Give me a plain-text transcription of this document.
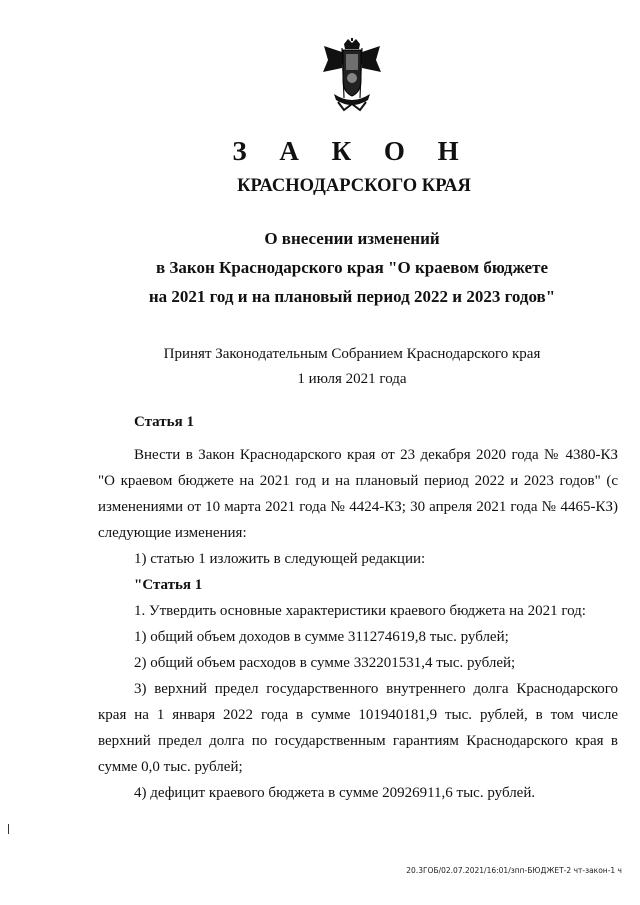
З А К О Н
КРАСНОДАРСКОГО КРАЯ
О внесении изменений
в Закон Краснодарского края "О краевом бюджете
на 2021 год и на плановый период 2022 и 2023 годов"
Принят Законодательным Собранием Краснодарского края
1 июля 2021 года
Статья 1

Внести в Закон Краснодарского края от 23 декабря 2020 года № 4380-КЗ "О краевом бюджете на 2021 год и на плановый период 2022 и 2023 годов" (с изменениями от 10 марта 2021 года № 4424-КЗ; 30 апреля 2021 года № 4465-КЗ) следующие изменения:

1) статью 1 изложить в следующей редакции:

"Статья 1

1. Утвердить основные характеристики краевого бюджета на 2021 год:

1) общий объем доходов в сумме 311274619,8 тыс. рублей;

2) общий объем расходов в сумме 332201531,4 тыс. рублей;

3) верхний предел государственного внутреннего долга Краснодарского края на 1 января 2022 года в сумме 101940181,9 тыс. рублей, в том числе верхний предел долга по государственным гарантиям Краснодарского края в сумме 0,0 тыс. рублей;

4) дефицит краевого бюджета в сумме 20926911,6 тыс. рублей.

20.3ГОБ/02.07.2021/16:01/зпп-БЮДЖЕТ-2 чт-закон-1 ч
